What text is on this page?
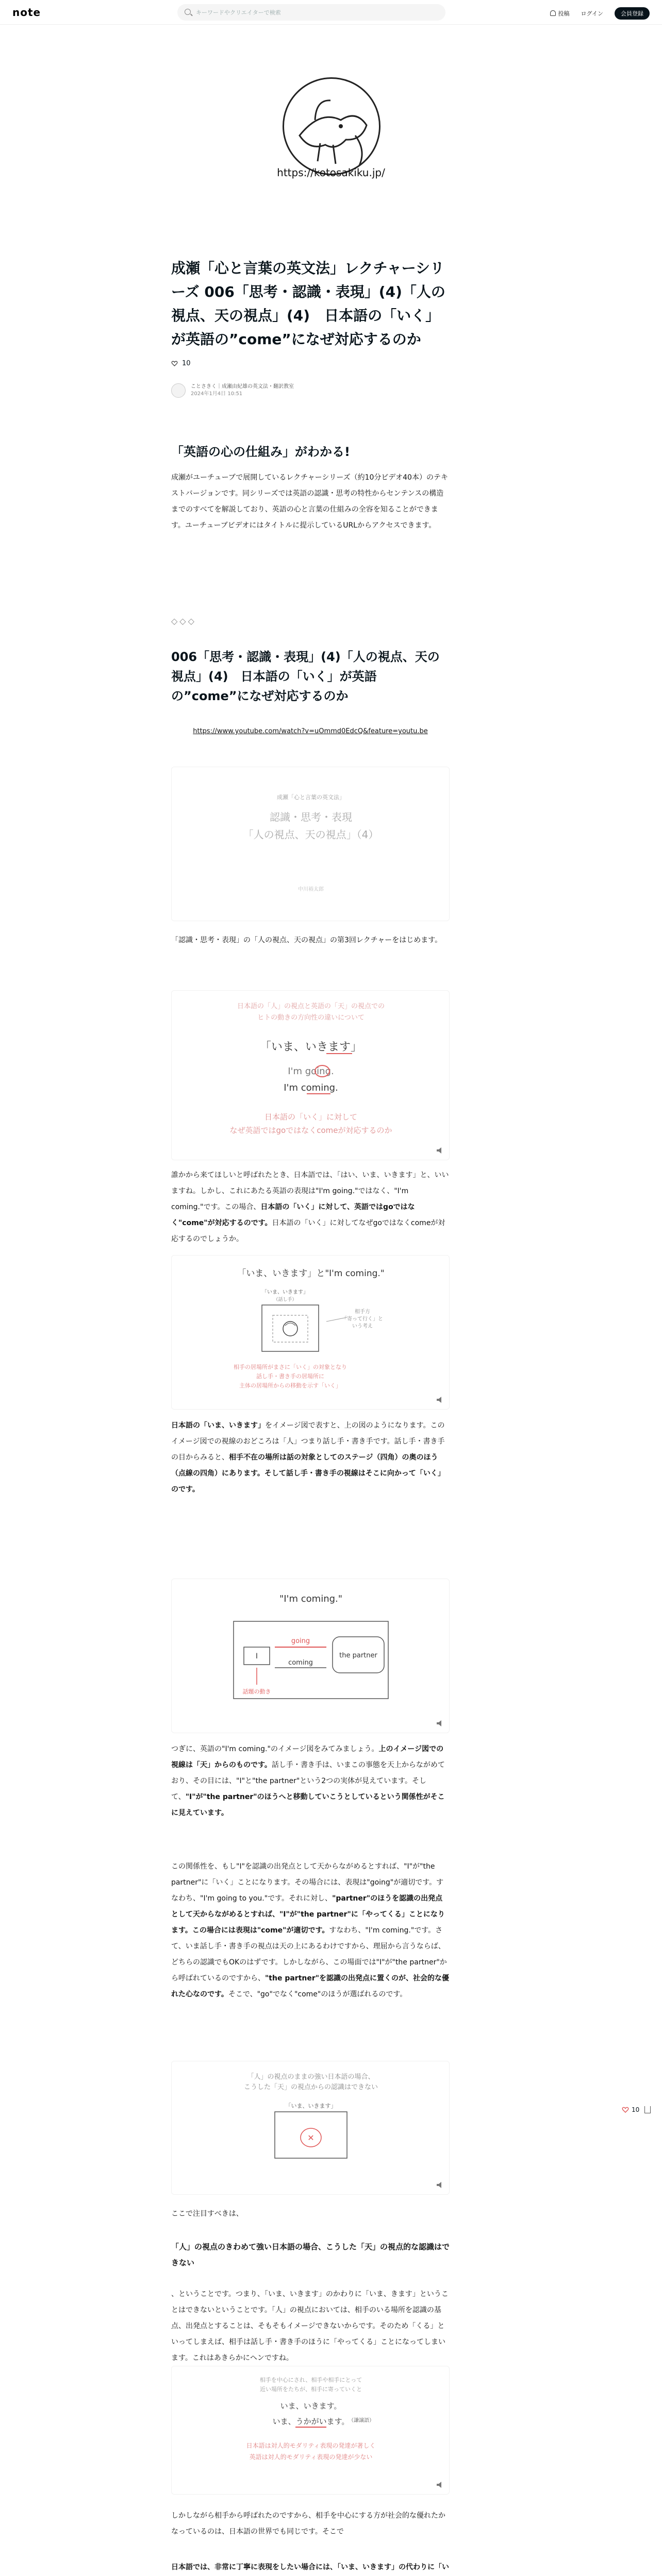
note
キーワードやクリエイターで検索	投稿 ログイン	会員登録
https://kotosakiku.jp/
成瀬「心と言葉の英文法」レクチャーシリーズ 006「思考・認識・表現」(4)「人の視点、天の視点」(4)　日本語の「いく」が英語の”come”になぜ対応するのか
10
ことさきく｜成瀬由紀雄の英文法・翻訳教室
2024年1月4日 10:51
「英語の心の仕組み」がわかる!

成瀬がユーチューブで展開しているレクチャーシリーズ（約10分ビデオ40本）のテキストバージョンです。同シリーズでは英語の認識・思考の特性からセンテンスの構造までのすべてを解説しており、英語の心と言葉の仕組みの全容を知ることができます。ユーチューブビデオにはタイトルに提示しているURLからアクセスできます。

◇◇◇
006「思考・認識・表現」(4)「人の視点、天の視点」(4)　日本語の「いく」が英語の”come”になぜ対応するのか
https://www.youtube.com/watch?v=uOmmd0EdcQ&feature=youtu.be
成瀬「心と言葉の英文法」
認識・思考・表現
「人の視点、天の視点」（4）
中川裕太郎

「認識・思考・表現」の「人の視点、天の視点」の第3回レクチャーをはじめます。

日本語の「人」の視点と英語の「天」の視点での
ヒトの動きの方向性の違いについて
「いま、いきます」
I'm going.
I'm coming.
日本語の「いく」に対して
なぜ英語ではgoではなくcomeが対応するのか

誰かから来てほしいと呼ばれたとき、日本語では、「はい、いま、いきます」と、いいますね。しかし、これにあたる英語の表現は"I'm going."ではなく、"I'm coming."です。この場合、日本語の「いく」に対して、英語ではgoではなく"come"が対応するのです。日本語の「いく」に対してなぜgoではなくcomeが対応するのでしょうか。

「いま、いきます」と"I'm coming."
「いま、いきます」
（話し手）
相手方
「寄って行く」と
いう考え
相手の居場所がまさに「いく」の対象となり
話し手・書き手の居場所に
主体の居場所からの移動を示す「いく」

日本語の「いま、いきます」をイメージ図で表すと、上の図のようになります。このイメージ図での視線のおどころは「人」つまり話し手・書き手です。話し手・書き手の目からみると、相手不在の場所は話の対象としてのステージ（四角）の奥のほう（点線の四角）にあります。そして話し手・書き手の視線はそこに向かって「いく」のです。

"I'm coming."
I
going
coming
the partner
話題の動き

つぎに、英語の"I'm coming."のイメージ図をみてみましょう。上のイメージ図での視線は「天」からのものです。話し手・書き手は、いまこの事態を天上からながめており、その目には、"I"と"the partner"という2つの実体が見えています。そして、"I"が"the partner"のほうへと移動していこうとしているという関係性がそこに見えています。

この関係性を、もし"I"を認識の出発点として天からながめるとすれば、"I"が"the partner"に「いく」ことになります。その場合には、表現は"going"が適切です。すなわち、"I'm going to you."です。それに対し、"partner"のほうを認識の出発点として天からながめるとすれば、"I"が"the partner"に「やってくる」ことになります。この場合には表現は"come"が適切です。すなわち、"I'm coming."です。さて、いま話し手・書き手の視点は天の上にあるわけですから、理屈から言うならば、どちらの認識でもOKのはずです。しかしながら、この場面では"I"が"the partner"から呼ばれているのですから、"the partner"を認識の出発点に置くのが、社会的な優れた心なのです。そこで、"go"でなく"come"のほうが選ばれるのです。

「人」の視点のままの強い日本語の場合、
こうした「天」の視点からの認識はできない
「いま、いきます」
✕

ここで注目すべきは、

「人」の視点のきわめて強い日本語の場合、こうした「天」の視点的な認識はできない

、ということです。つまり、「いま、いきます」のかわりに「いま、きます」ということはできないということです。「人」の視点においては、相手のいる場所を認識の基点、出発点とすることは、そもそもイメージできないからです。そのため「くる」といってしまえば、相手は話し手・書き手のほうに「やってくる」ことになってしまいます。これはあきらかにヘンですね。

相手を中心にされ、相手や相手にとって
近い場所をたちが、相手に寄っていくと
いま、いきます。
いま、うかがいます。
（謙譲語）
日本語は対人的モダリティ表現の発達が著しく
英語は対人的モダリティ表現の発達が少ない

しかしながら相手から呼ばれたのですから、相手を中心にする方が社会的な優れたかなっているのは、日本語の世界でも同じです。そこで

日本語では、非常に丁寧に表現をしたい場合には、「いま、いきます」の代わりに「い

10
